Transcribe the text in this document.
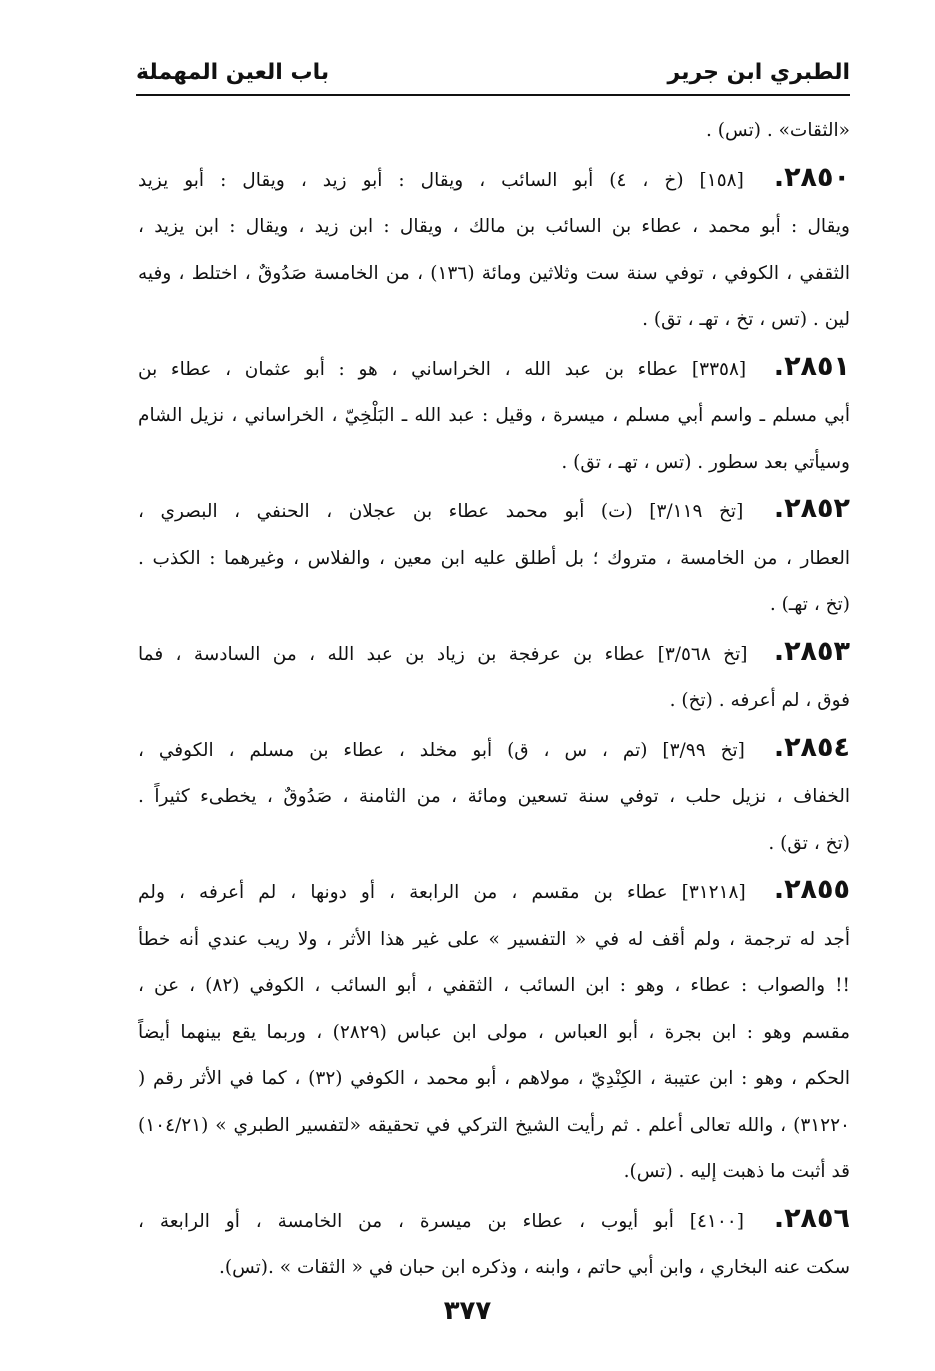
الطبري ابن جرير
باب العين المهملة
«الثقات» . (تس) .
٢٨٥٠. [١٥٨] (خ ، ٤) أبو السائب ، ويقال : أبو زيد ، ويقال : أبو يزيد
ويقال : أبو محمد ، عطاء بن السائب بن مالك ، ويقال : ابن زيد ، ويقال : ابن يزيد ،
الثقفي ، الكوفي ، توفي سنة ست وثلاثين ومائة (١٣٦) ، من الخامسة صَدُوقٌ ، اختلط ، وفيه
لين . (تس ، تخ ، تهـ ، تق) .
٢٨٥١. [٣٣٥٨] عطاء بن عبد الله ، الخراساني ، هو : أبو عثمان ، عطاء بن
أبي مسلم ـ واسم أبي مسلم ، ميسرة ، وقيل : عبد الله ـ البَلْخِيّ ، الخراساني ، نزيل الشام
وسيأتي بعد سطور . (تس ، تهـ ، تق) .
٢٨٥٢. [تخ ٣/١١٩] (ت) أبو محمد عطاء بن عجلان ، الحنفي ، البصري ،
العطار ، من الخامسة ، متروك ؛ بل أطلق عليه ابن معين ، والفلاس ، وغيرهما : الكذب .
(تخ ، تهـ) .
٢٨٥٣. [تخ ٣/٥٦٨] عطاء بن عرفجة بن زياد بن عبد الله ، من السادسة ، فما
فوق ، لم أعرفه . (تخ) .
٢٨٥٤. [تخ ٣/٩٩] (تم ، س ، ق) أبو مخلد ، عطاء بن مسلم ، الكوفي ،
الخفاف ، نزيل حلب ، توفي سنة تسعين ومائة ، من الثامنة ، صَدُوقٌ ، يخطىء كثيراً .
(تخ ، تق) .
٢٨٥٥. [٣١٢١٨] عطاء بن مقسم ، من الرابعة ، أو دونها ، لم أعرفه ، ولم
أجد له ترجمة ، ولم أقف له في « التفسير » على غير هذا الأثر ، ولا ريب عندي أنه خطأ
!! والصواب : عطاء ، وهو : ابن السائب ، الثقفي ، أبو السائب ، الكوفي (٨٢) ، عن ،
مقسم وهو : ابن بجرة ، أبو العباس ، مولى ابن عباس (٢٨٢٩) ، وربما يقع بينهما أيضاً
الحكم ، وهو : ابن عتيبة ، الكِنْدِيّ ، مولاهم ، أبو محمد ، الكوفي (٣٢) ، كما في الأثر رقم (
٣١٢٢٠) ، والله تعالى أعلم . ثم رأيت الشيخ التركي في تحقيقه «لتفسير الطبري » (١٠٤/٢١)
قد أثبت ما ذهبت إليه . (تس).
٢٨٥٦. [٤١٠٠] أبو أيوب ، عطاء بن ميسرة ، من الخامسة ، أو الرابعة ،
سكت عنه البخاري ، وابن أبي حاتم ، وابنه ، وذكره ابن حبان في « الثقات » .(تس).
٣٧٧
